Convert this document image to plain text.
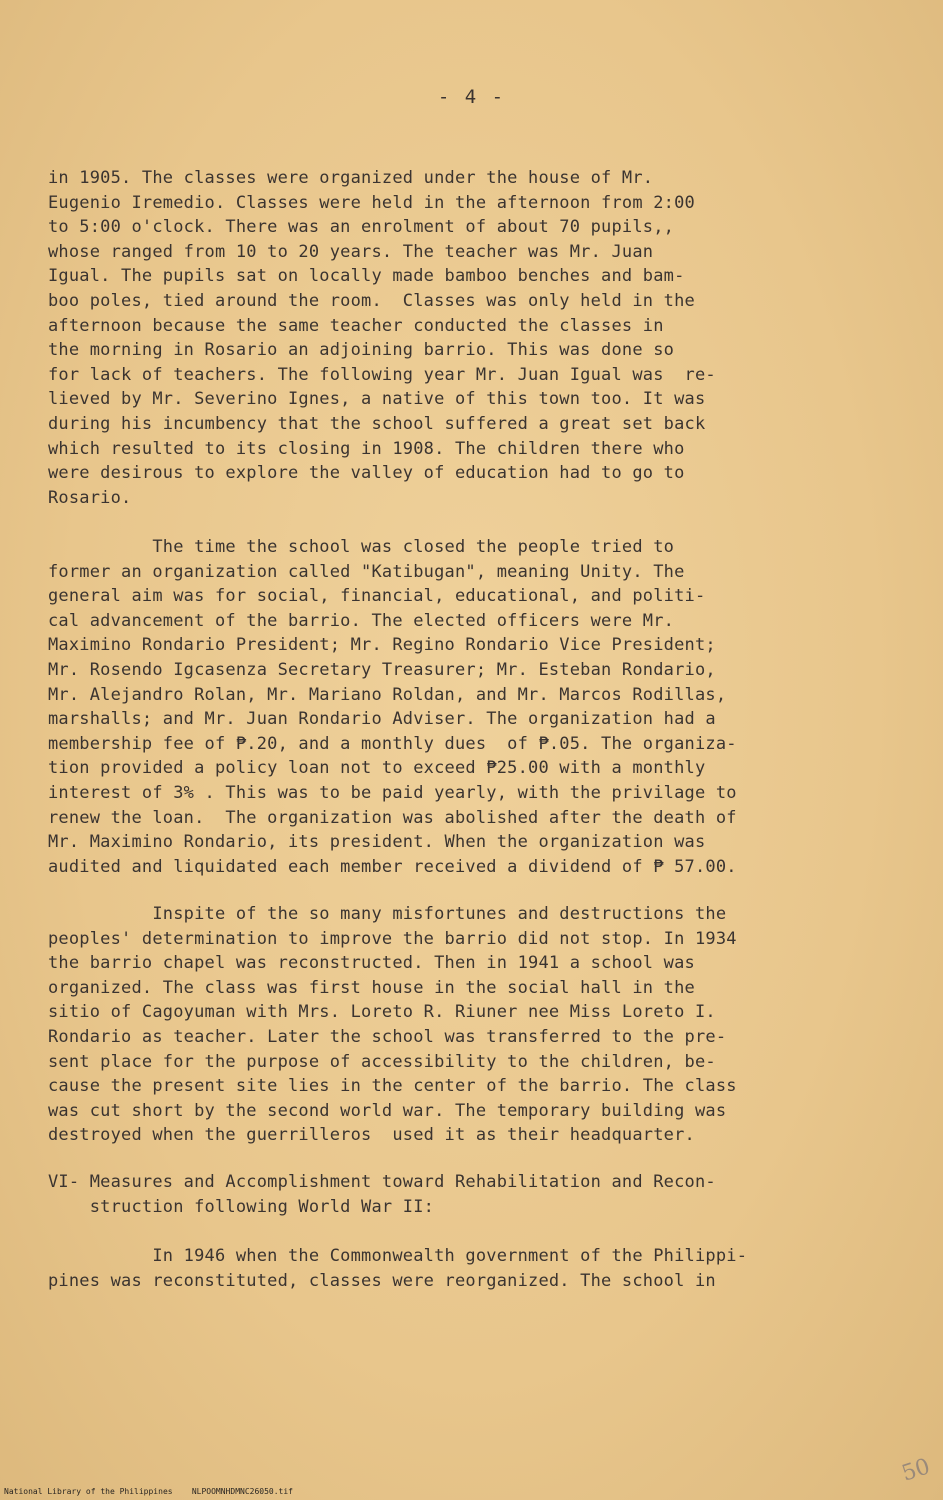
- 4 -
in 1905. The classes were organized under the house of Mr.
Eugenio Iremedio. Classes were held in the afternoon from 2:00
to 5:00 o'clock. There was an enrolment of about 70 pupils,,
whose ranged from 10 to 20 years. The teacher was Mr. Juan
Igual. The pupils sat on locally made bamboo benches and bam-
boo poles, tied around the room.  Classes was only held in the
afternoon because the same teacher conducted the classes in
the morning in Rosario an adjoining barrio. This was done so
for lack of teachers. The following year Mr. Juan Igual was  re-
lieved by Mr. Severino Ignes, a native of this town too. It was
during his incumbency that the school suffered a great set back
which resulted to its closing in 1908. The children there who
were desirous to explore the valley of education had to go to
Rosario.
The time the school was closed the people tried to
former an organization called "Katibugan", meaning Unity. The
general aim was for social, financial, educational, and politi-
cal advancement of the barrio. The elected officers were Mr.
Maximino Rondario President; Mr. Regino Rondario Vice President;
Mr. Rosendo Igcasenza Secretary Treasurer; Mr. Esteban Rondario,
Mr. Alejandro Rolan, Mr. Mariano Roldan, and Mr. Marcos Rodillas,
marshalls; and Mr. Juan Rondario Adviser. The organization had a
membership fee of ₱.20, and a monthly dues  of ₱.05. The organiza-
tion provided a policy loan not to exceed ₱25.00 with a monthly
interest of 3% . This was to be paid yearly, with the privilage to
renew the loan.  The organization was abolished after the death of
Mr. Maximino Rondario, its president. When the organization was
audited and liquidated each member received a dividend of ₱ 57.00.
Inspite of the so many misfortunes and destructions the
peoples' determination to improve the barrio did not stop. In 1934
the barrio chapel was reconstructed. Then in 1941 a school was
organized. The class was first house in the social hall in the
sitio of Cagoyuman with Mrs. Loreto R. Riuner nee Miss Loreto I.
Rondario as teacher. Later the school was transferred to the pre-
sent place for the purpose of accessibility to the children, be-
cause the present site lies in the center of the barrio. The class
was cut short by the second world war. The temporary building was
destroyed when the guerrilleros  used it as their headquarter.
VI- Measures and Accomplishment toward Rehabilitation and Recon-
struction following World War II:
In 1946 when the Commonwealth government of the Philippi-
pines was reconstituted, classes were reorganized. The school in
National Library of the Philippines NLPOOMNHDMNC26050.tif
50
